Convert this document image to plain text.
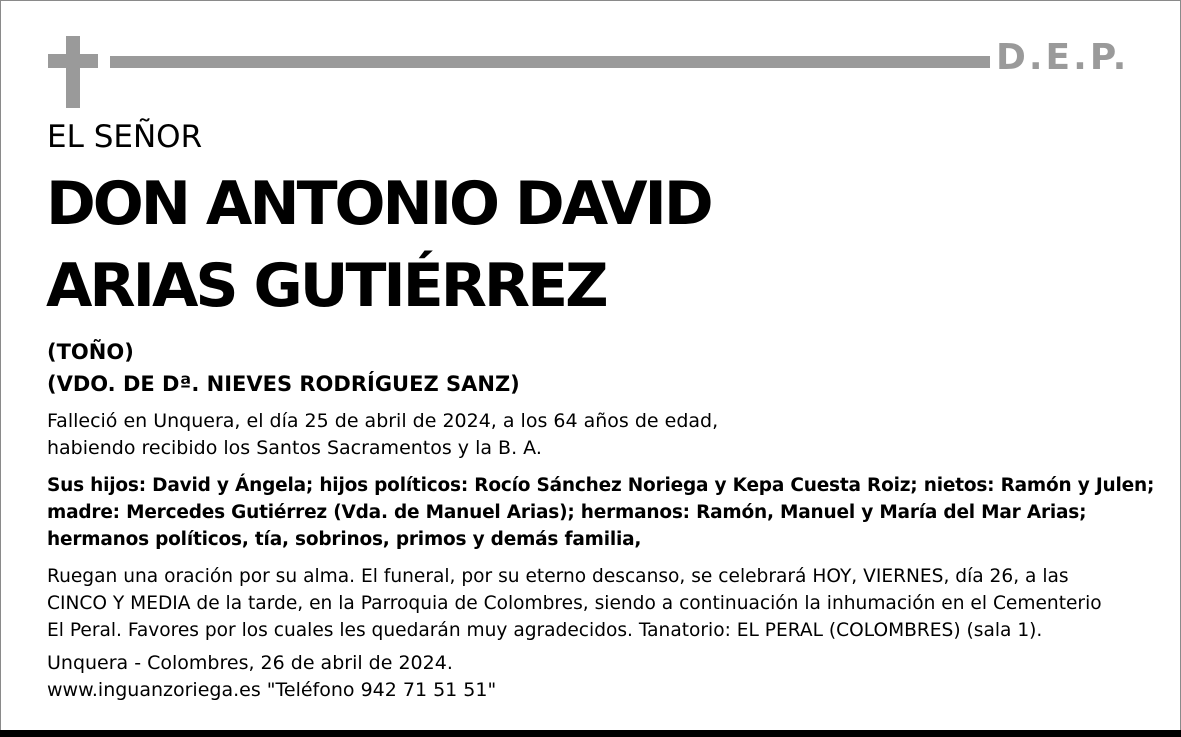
D.E.P.
EL SEÑOR
DON ANTONIO DAVID
ARIAS GUTIÉRREZ
(TOÑO)
(VDO. DE Dª. NIEVES RODRÍGUEZ SANZ)
Falleció en Unquera, el día 25 de abril de 2024, a los 64 años de edad,
habiendo recibido los Santos Sacramentos y la B. A.
Sus hijos: David y Ángela; hijos políticos: Rocío Sánchez Noriega y Kepa Cuesta Roiz; nietos: Ramón y Julen;
madre: Mercedes Gutiérrez (Vda. de Manuel Arias); hermanos: Ramón, Manuel y María del Mar Arias;
hermanos políticos, tía, sobrinos, primos y demás familia,
Ruegan una oración por su alma. El funeral, por su eterno descanso, se celebrará HOY, VIERNES, día 26, a las
CINCO Y MEDIA de la tarde, en la Parroquia de Colombres, siendo a continuación la inhumación en el Cementerio
El Peral. Favores por los cuales les quedarán muy agradecidos. Tanatorio: EL PERAL (COLOMBRES) (sala 1).
Unquera - Colombres, 26 de abril de 2024.
www.inguanzoriega.es "Teléfono 942 71 51 51"
